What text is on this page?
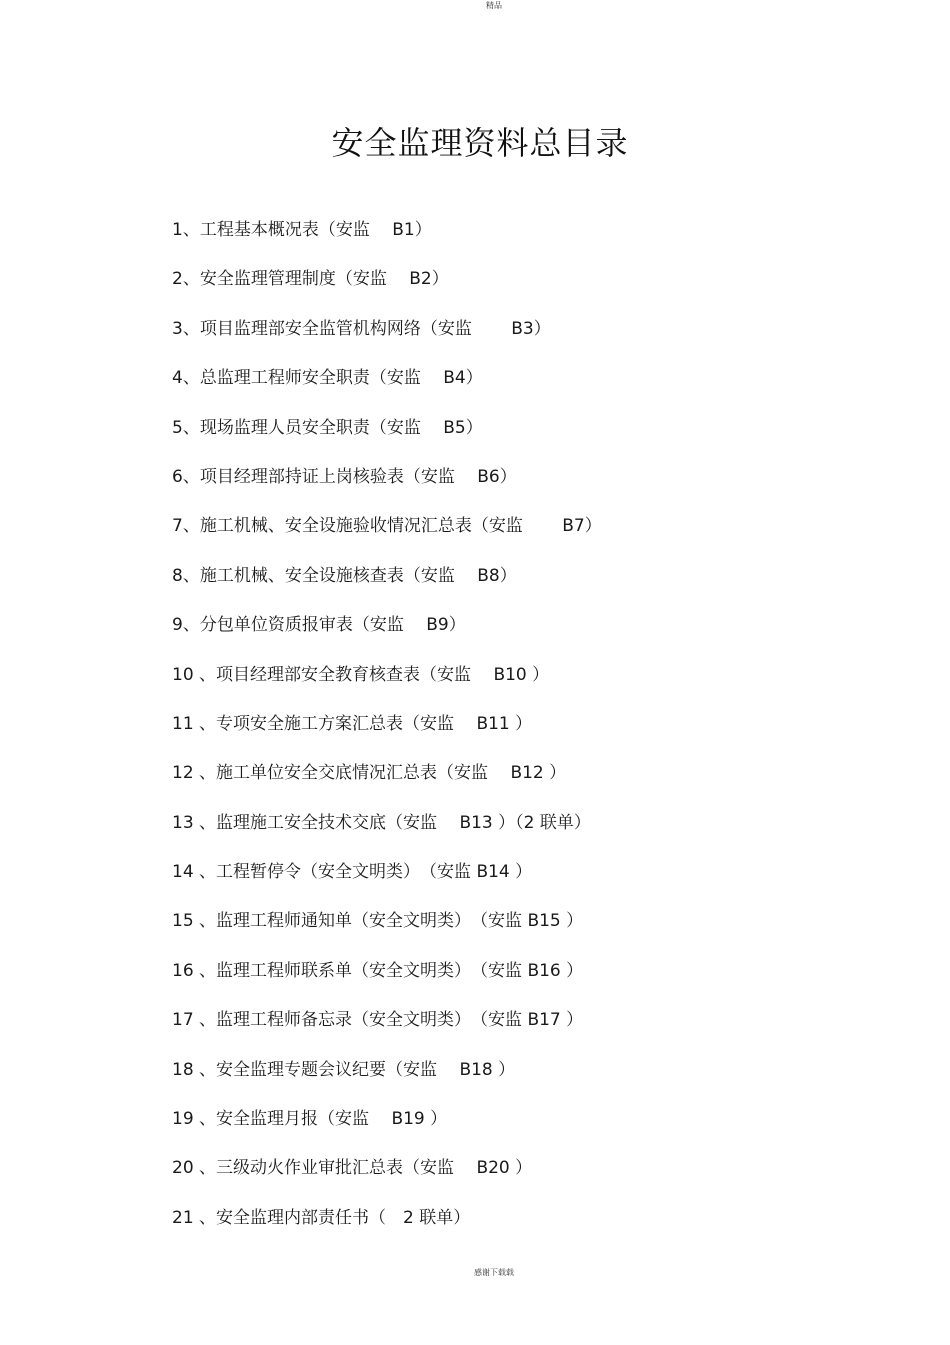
精品
安全监理资料总目录
1、工程基本概况表（安监　 B1）
2、安全监理管理制度（安监　 B2）
3、项目监理部安全监管机构网络（安监　 　B3）
4、总监理工程师安全职责（安监　 B4）
5、现场监理人员安全职责（安监　 B5）
6、项目经理部持证上岗核验表（安监　 B6）
7、施工机械、安全设施验收情况汇总表（安监　 　B7）
8、施工机械、安全设施核查表（安监　 B8）
9、分包单位资质报审表（安监　 B9）
10 、项目经理部安全教育核查表（安监　 B10 ）
11 、专项安全施工方案汇总表（安监　 B11 ）
12 、施工单位安全交底情况汇总表（安监　 B12 ）
13 、监理施工安全技术交底（安监　 B13 ）（2 联单）
14 、工程暂停令（安全文明类）　（安监 B14 ）
15 、监理工程师通知单（安全文明类）　（安监 B15 ）
16 、监理工程师联系单（安全文明类）　（安监 B16 ）
17 、监理工程师备忘录（安全文明类）　（安监 B17 ）
18 、安全监理专题会议纪要（安监　 B18 ）
19 、安全监理月报（安监　 B19 ）
20 、三级动火作业审批汇总表（安监　 B20 ）
21 、安全监理内部责任书（　2 联单）
感谢下载载
